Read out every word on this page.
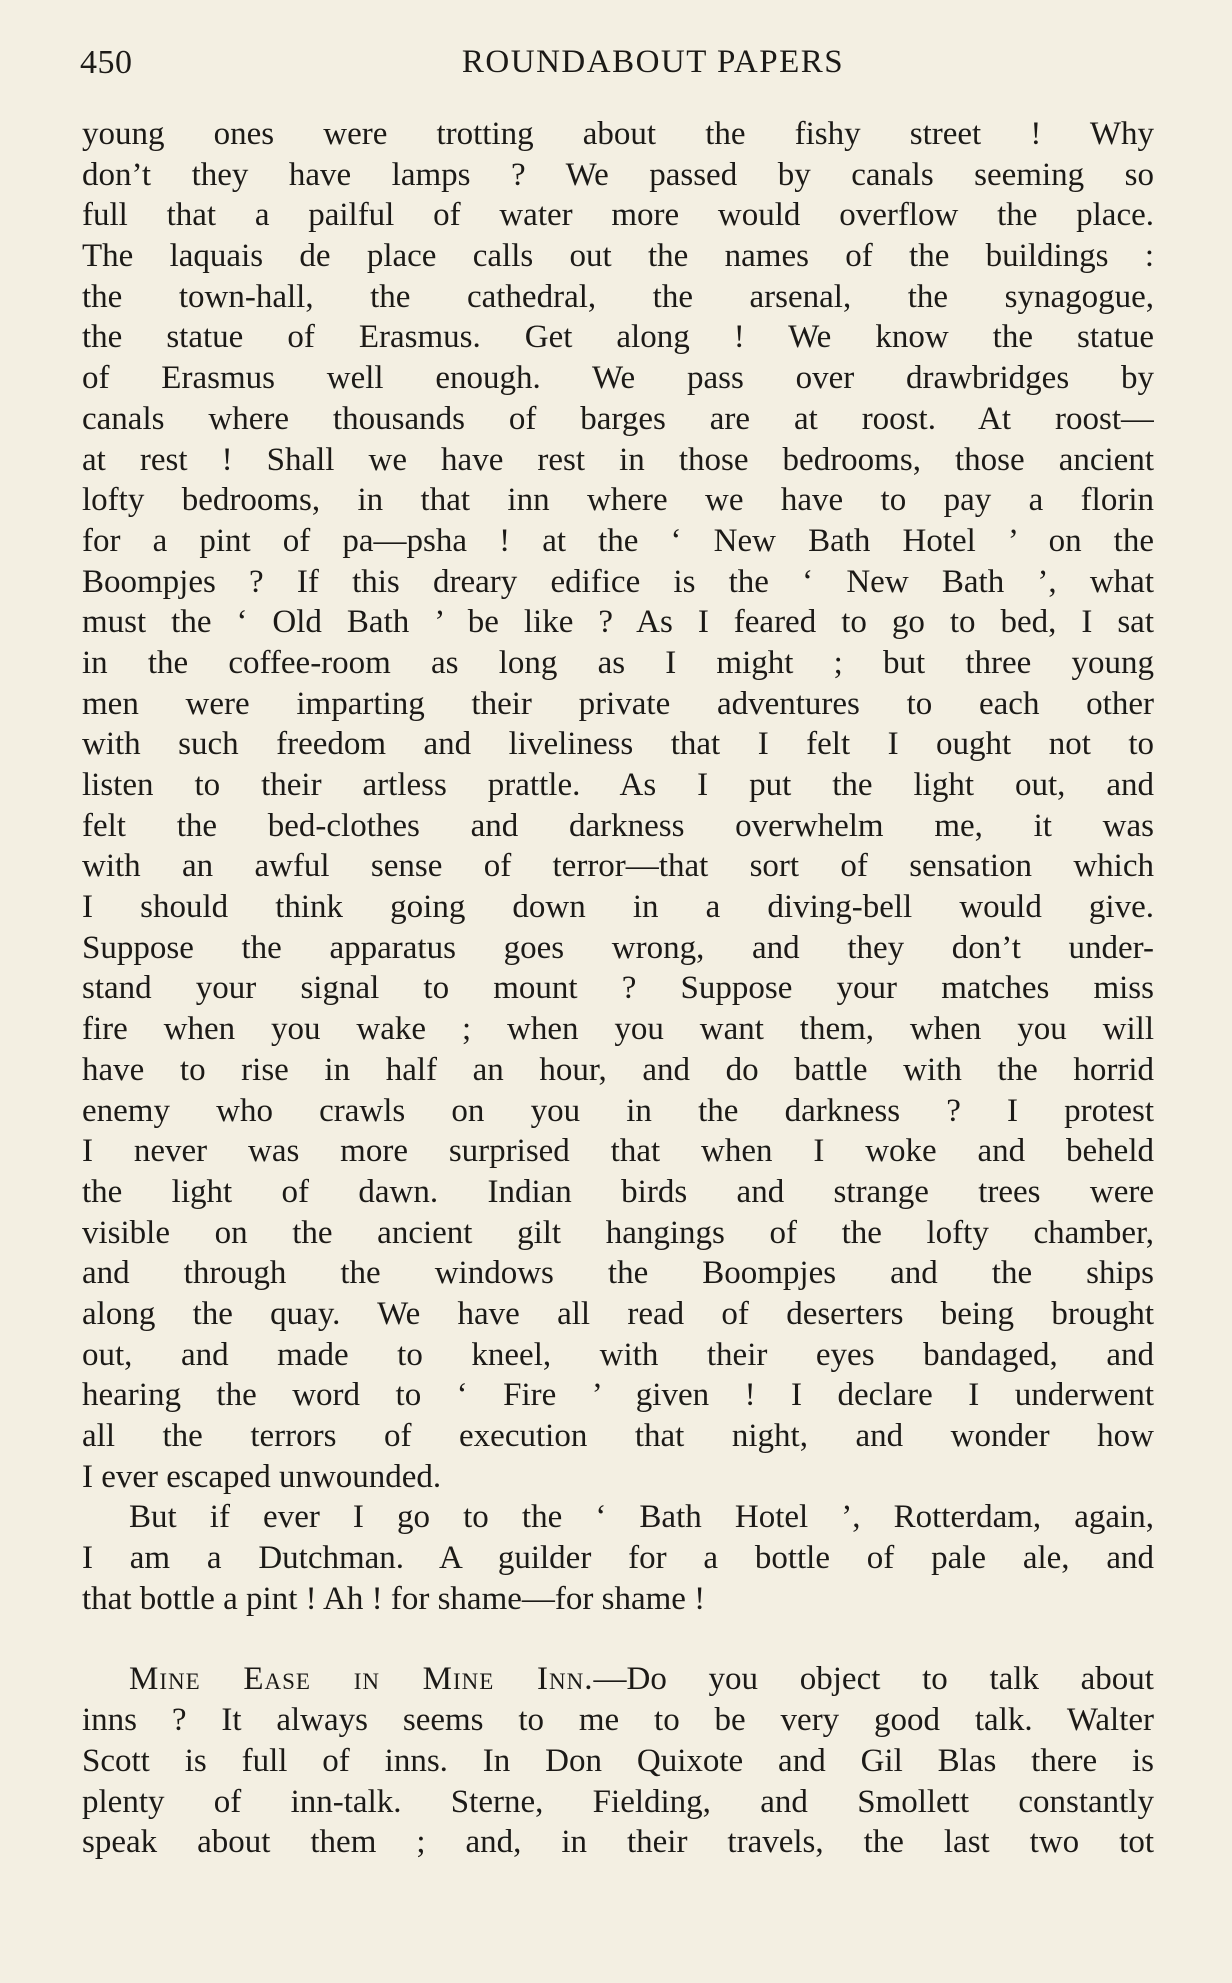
450	ROUNDABOUT PAPERS
young ones were trotting about the fishy street ! Why
don’t they have lamps ? We passed by canals seeming so
full that a pailful of water more would overflow the place.
The laquais de place calls out the names of the buildings :
the town-hall, the cathedral, the arsenal, the synagogue,
the statue of Erasmus. Get along ! We know the statue
of Erasmus well enough. We pass over drawbridges by
canals where thousands of barges are at roost. At roost—
at rest ! Shall we have rest in those bedrooms, those ancient
lofty bedrooms, in that inn where we have to pay a florin
for a pint of pa—psha ! at the ‘ New Bath Hotel ’ on the
Boompjes ? If this dreary edifice is the ‘ New Bath ’, what
must the ‘ Old Bath ’ be like ? As I feared to go to bed, I sat
in the coffee-room as long as I might ; but three young
men were imparting their private adventures to each other
with such freedom and liveliness that I felt I ought not to
listen to their artless prattle. As I put the light out, and
felt the bed-clothes and darkness overwhelm me, it was
with an awful sense of terror—that sort of sensation which
I should think going down in a diving-bell would give.
Suppose the apparatus goes wrong, and they don’t under-
stand your signal to mount ? Suppose your matches miss
fire when you wake ; when you want them, when you will
have to rise in half an hour, and do battle with the horrid
enemy who crawls on you in the darkness ? I protest
I never was more surprised that when I woke and beheld
the light of dawn. Indian birds and strange trees were
visible on the ancient gilt hangings of the lofty chamber,
and through the windows the Boompjes and the ships
along the quay. We have all read of deserters being brought
out, and made to kneel, with their eyes bandaged, and
hearing the word to ‘ Fire ’ given ! I declare I underwent
all the terrors of execution that night, and wonder how
I ever escaped unwounded.
But if ever I go to the ‘ Bath Hotel ’, Rotterdam, again,
I am a Dutchman. A guilder for a bottle of pale ale, and
that bottle a pint ! Ah ! for shame—for shame !
Mine Ease in Mine Inn.—Do you object to talk about
inns ? It always seems to me to be very good talk. Walter
Scott is full of inns. In Don Quixote and Gil Blas there is
plenty of inn-talk. Sterne, Fielding, and Smollett constantly
speak about them ; and, in their travels, the last two tot
